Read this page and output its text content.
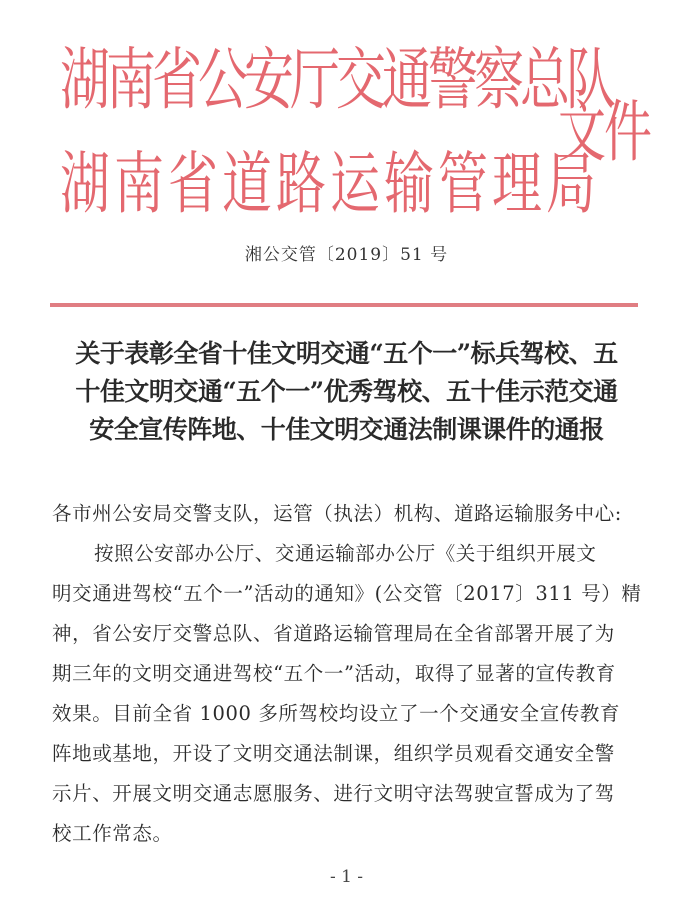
湖南省公安厅交通警察总队
湖南省道路运输管理局
文件
湘公交管〔2019〕51 号
关于表彰全省十佳文明交通“五个一”标兵驾校、五
十佳文明交通“五个一”优秀驾校、五十佳示范交通
安全宣传阵地、十佳文明交通法制课课件的通报
各市州公安局交警支队，运管（执法）机构、道路运输服务中心:
按照公安部办公厅、交通运输部办公厅《关于组织开展文
明交通进驾校“五个一”活动的通知》(公交管〔2017〕311 号）精
神，省公安厅交警总队、省道路运输管理局在全省部署开展了为
期三年的文明交通进驾校“五个一”活动，取得了显著的宣传教育
效果。目前全省 1000 多所驾校均设立了一个交通安全宣传教育
阵地或基地，开设了文明交通法制课，组织学员观看交通安全警
示片、开展文明交通志愿服务、进行文明守法驾驶宣誓成为了驾
校工作常态。
- 1 -
